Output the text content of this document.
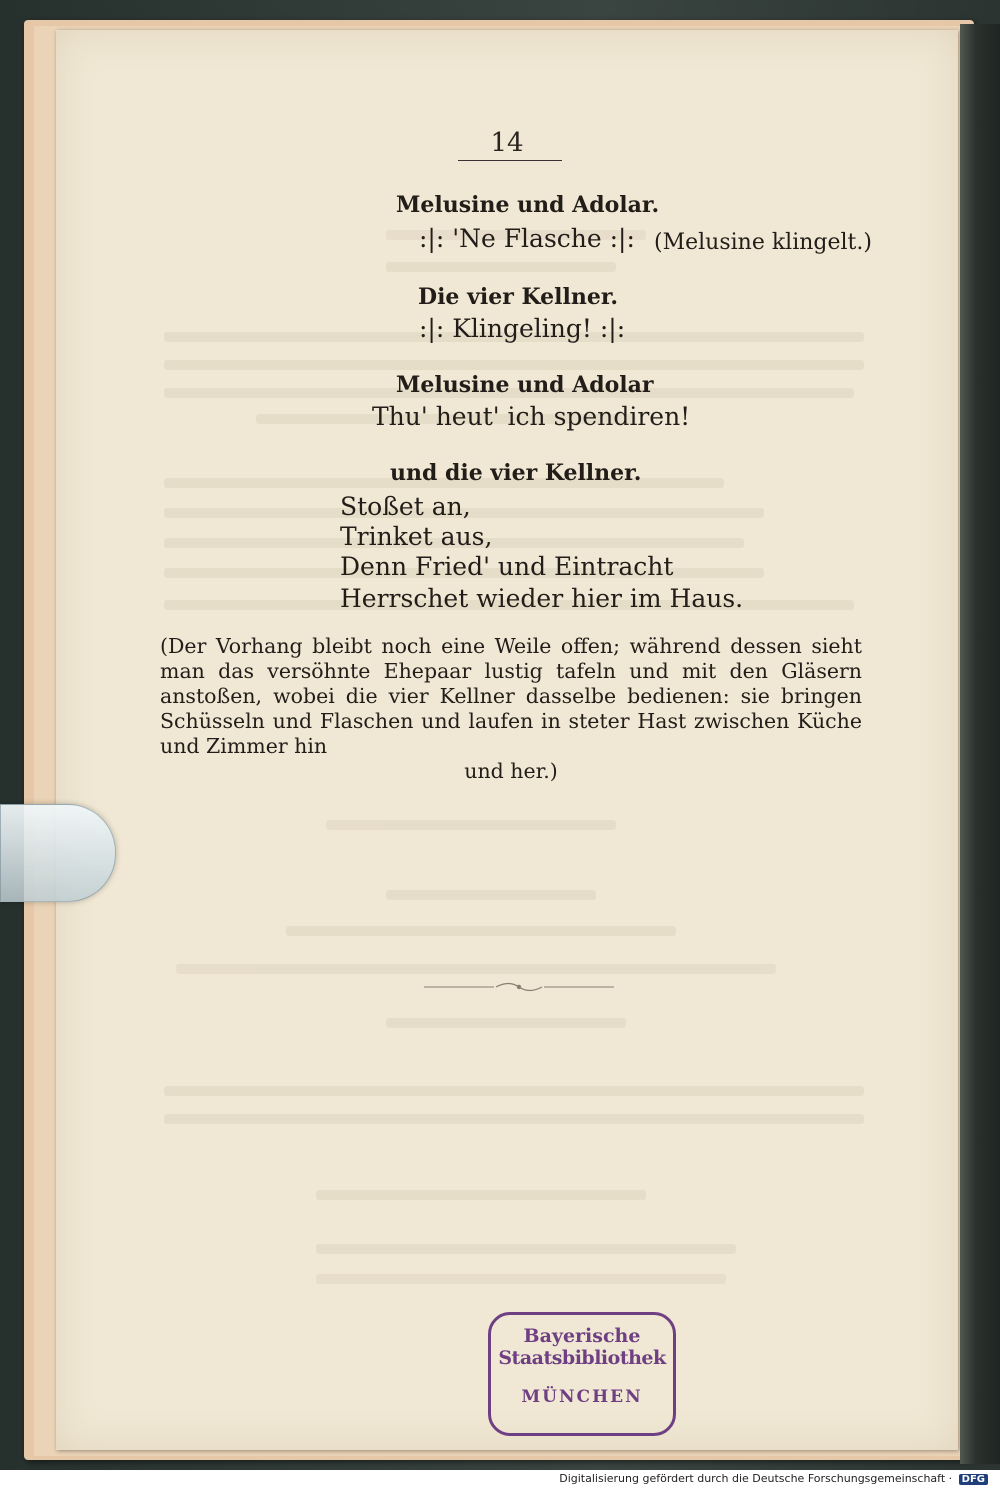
14
Melusine und Adolar.
:|: 'Ne Flasche :|: (Melusine klingelt.)
Die vier Kellner.
:|: Klingeling! :|:
Melusine und Adolar
Thu' heut' ich spendiren!
und die vier Kellner.
Stoßet an,
Trinket aus,
Denn Fried' und Eintracht
Herrschet wieder hier im Haus.
(Der Vorhang bleibt noch eine Weile offen; während dessen sieht man das versöhnte Ehepaar lustig tafeln und mit den Gläsern anstoßen, wobei die vier Kellner dasselbe bedienen: sie bringen Schüsseln und Flaschen und laufen in steter Hast zwischen Küche und Zimmer hin
und her.)
Bayerische
Staatsbibliothek
MÜNCHEN
Digitalisierung gefördert durch die Deutsche Forschungsgemeinschaft · DFG
